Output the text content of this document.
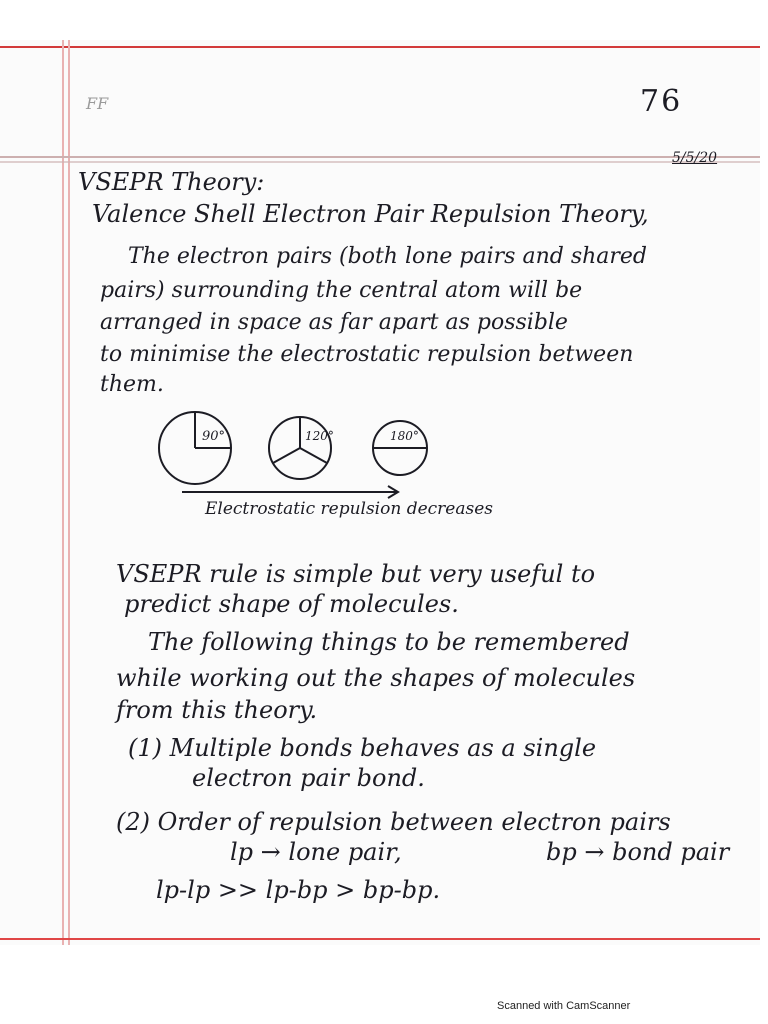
FF	76
5/5/20
VSEPR Theory:
Valence Shell Electron Pair Repulsion Theory,
The electron pairs (both lone pairs and shared
pairs) surrounding the central atom will be
arranged in space as far apart as possible
to minimise the electrostatic repulsion between
them.
VSEPR rule is simple but very useful to
predict shape of molecules.
The following things to be remembered
while working out the shapes of molecules
from this theory.
(1) Multiple bonds behaves as a single
electron pair bond.
(2) Order of repulsion between electron pairs
lp → lone pair,	bp → bond pair
lp-lp >> lp-bp > bp-bp.
90°	120°	180°
Electrostatic repulsion decreases
Scanned with CamScanner
